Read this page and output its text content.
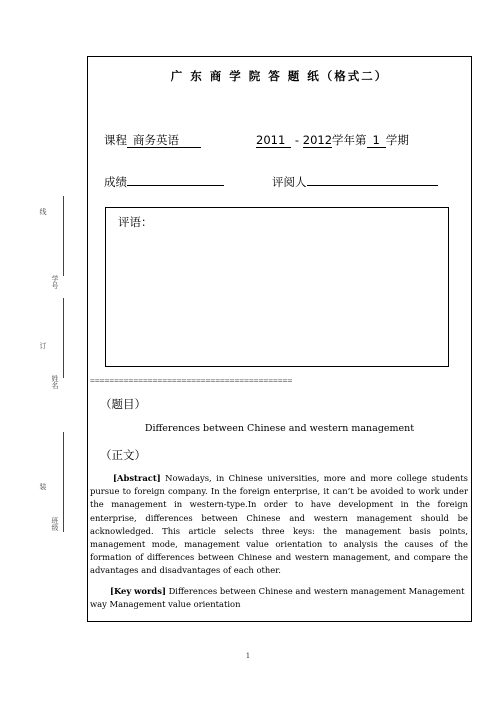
广 东 商 学 院 答 题 纸（格式二）
课程 商务英语	2011 - 2012学年第 1 学期
成绩	评阅人
评语：
==========================================
（题目）
Differences between Chinese and western management
（正文）
[Abstract] Nowadays, in Chinese universities, more and more college students pursue to foreign company. In the foreign enterprise, it can’t be avoided to work under the management in western-type.In order to have development in the foreign enterprise, differences between Chinese and western management should be acknowledged. This article selects three keys: the management basis points, management mode, management value orientation to analysis the causes of the formation of differences between Chinese and western management, and compare the advantages and disadvantages of each other.
[Key words] Differences between Chinese and western management Management way Management value orientation
线
学号
订
姓名
装
班级
1
